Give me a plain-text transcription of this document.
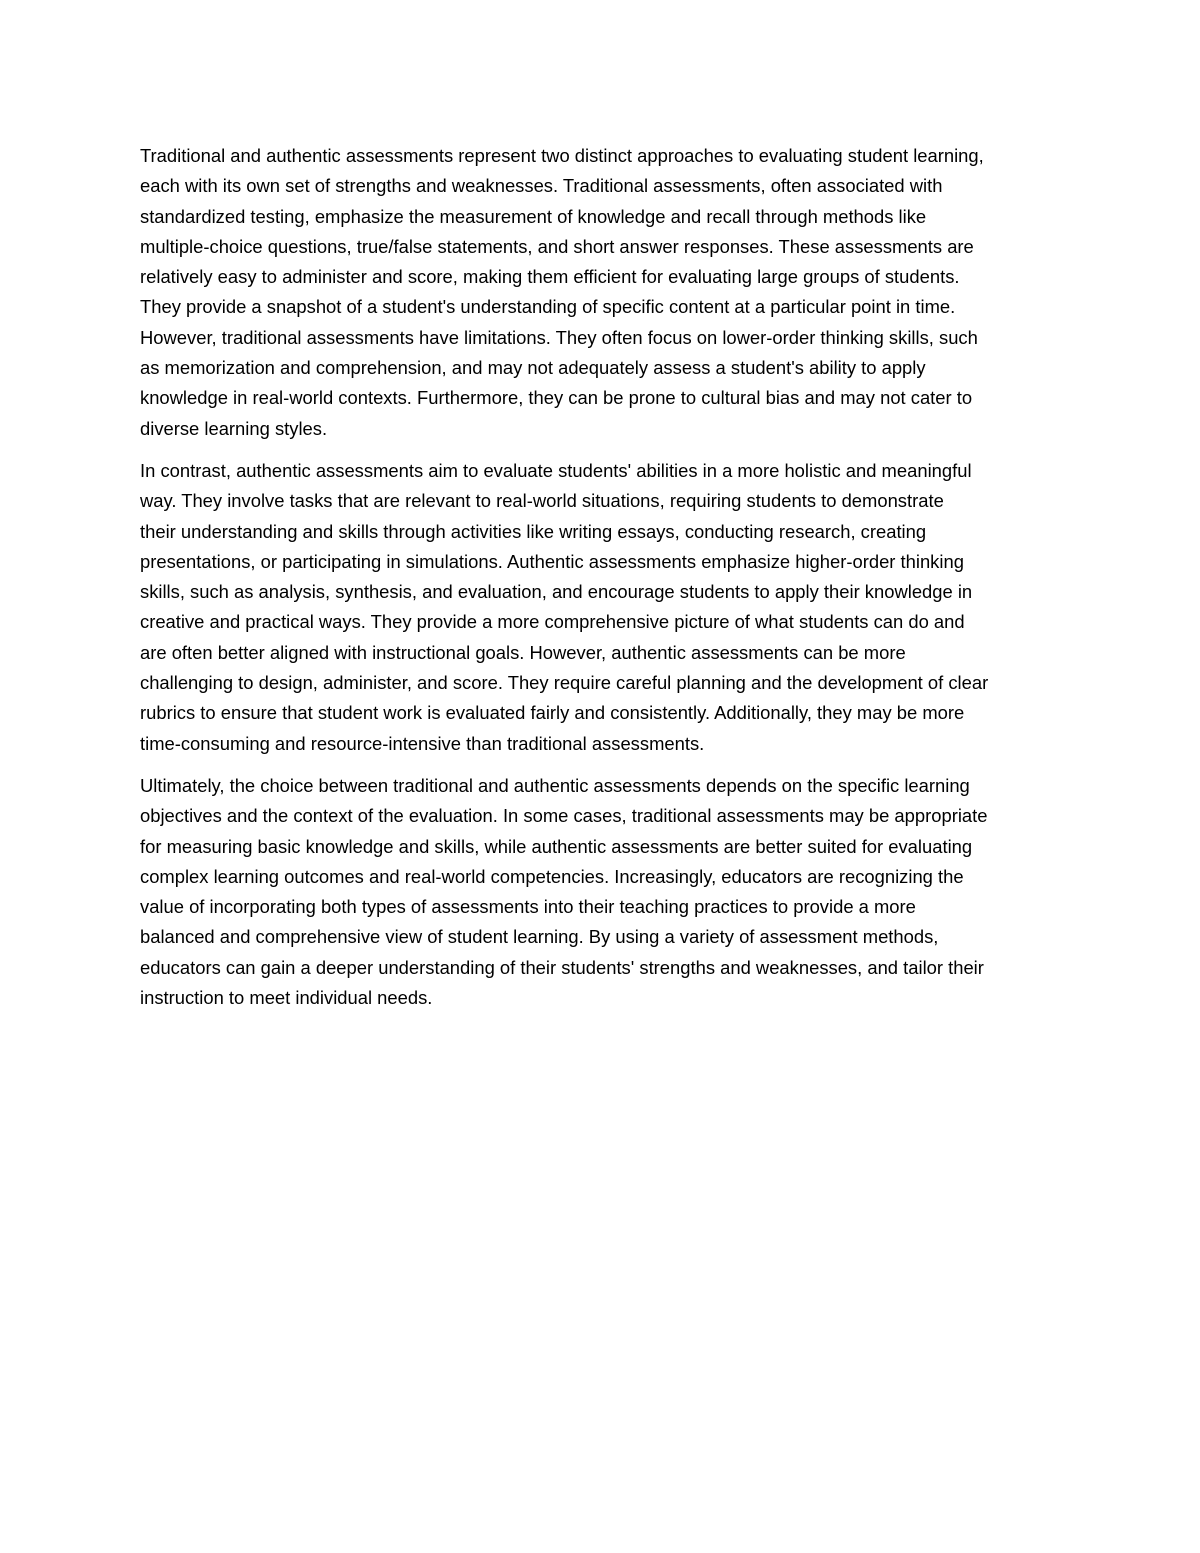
Traditional and authentic assessments represent two distinct approaches to evaluating student learning,
each with its own set of strengths and weaknesses. Traditional assessments, often associated with
standardized testing, emphasize the measurement of knowledge and recall through methods like
multiple-choice questions, true/false statements, and short answer responses. These assessments are
relatively easy to administer and score, making them efficient for evaluating large groups of students.
They provide a snapshot of a student's understanding of specific content at a particular point in time.
However, traditional assessments have limitations. They often focus on lower-order thinking skills, such
as memorization and comprehension, and may not adequately assess a student's ability to apply
knowledge in real-world contexts. Furthermore, they can be prone to cultural bias and may not cater to
diverse learning styles.

In contrast, authentic assessments aim to evaluate students' abilities in a more holistic and meaningful
way. They involve tasks that are relevant to real-world situations, requiring students to demonstrate
their understanding and skills through activities like writing essays, conducting research, creating
presentations, or participating in simulations. Authentic assessments emphasize higher-order thinking
skills, such as analysis, synthesis, and evaluation, and encourage students to apply their knowledge in
creative and practical ways. They provide a more comprehensive picture of what students can do and
are often better aligned with instructional goals. However, authentic assessments can be more
challenging to design, administer, and score. They require careful planning and the development of clear
rubrics to ensure that student work is evaluated fairly and consistently. Additionally, they may be more
time-consuming and resource-intensive than traditional assessments.

Ultimately, the choice between traditional and authentic assessments depends on the specific learning
objectives and the context of the evaluation. In some cases, traditional assessments may be appropriate
for measuring basic knowledge and skills, while authentic assessments are better suited for evaluating
complex learning outcomes and real-world competencies. Increasingly, educators are recognizing the
value of incorporating both types of assessments into their teaching practices to provide a more
balanced and comprehensive view of student learning. By using a variety of assessment methods,
educators can gain a deeper understanding of their students' strengths and weaknesses, and tailor their
instruction to meet individual needs.
